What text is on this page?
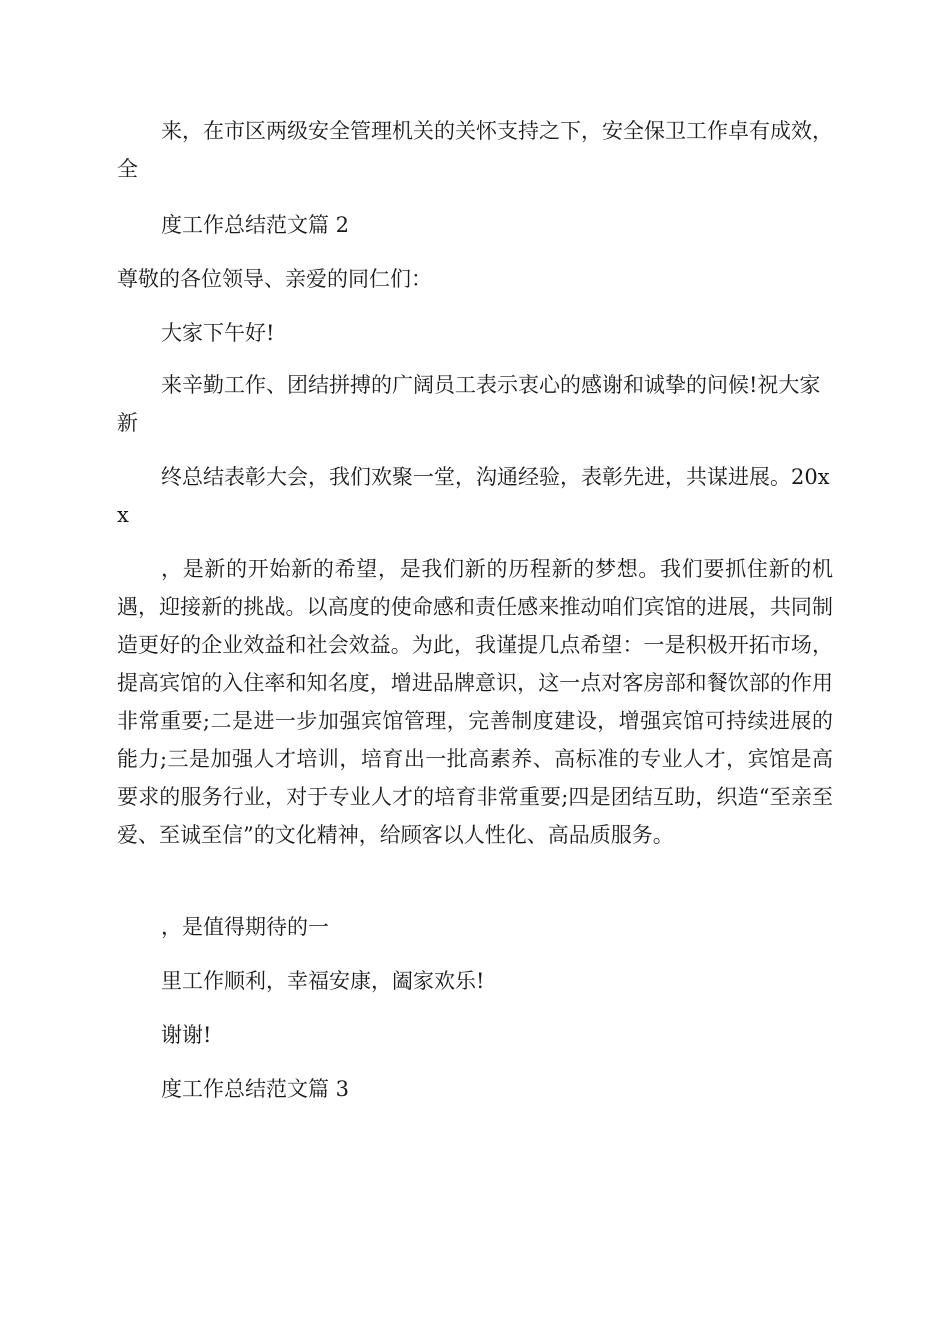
来，在市区两级安全管理机关的关怀支持之下，安全保卫工作卓有成效，全

度工作总结范文篇 2

尊敬的各位领导、亲爱的同仁们：

大家下午好!

来辛勤工作、团结拼搏的广阔员工表示衷心的感谢和诚挚的问候!祝大家新

终总结表彰大会，我们欢聚一堂，沟通经验，表彰先进，共谋进展。20xx

，是新的开始新的希望，是我们新的历程新的梦想。我们要抓住新的机遇，迎接新的挑战。以高度的使命感和责任感来推动咱们宾馆的进展，共同制造更好的企业效益和社会效益。为此，我谨提几点希望：一是积极开拓市场，提高宾馆的入住率和知名度，增进品牌意识，这一点对客房部和餐饮部的作用非常重要;二是进一步加强宾馆管理，完善制度建设，增强宾馆可持续进展的能力;三是加强人才培训，培育出一批高素养、高标准的专业人才，宾馆是高要求的服务行业，对于专业人才的培育非常重要;四是团结互助，织造“至亲至爱、至诚至信”的文化精神，给顾客以人性化、高品质服务。

，是值得期待的一

里工作顺利，幸福安康，阖家欢乐!

谢谢!

度工作总结范文篇 3
